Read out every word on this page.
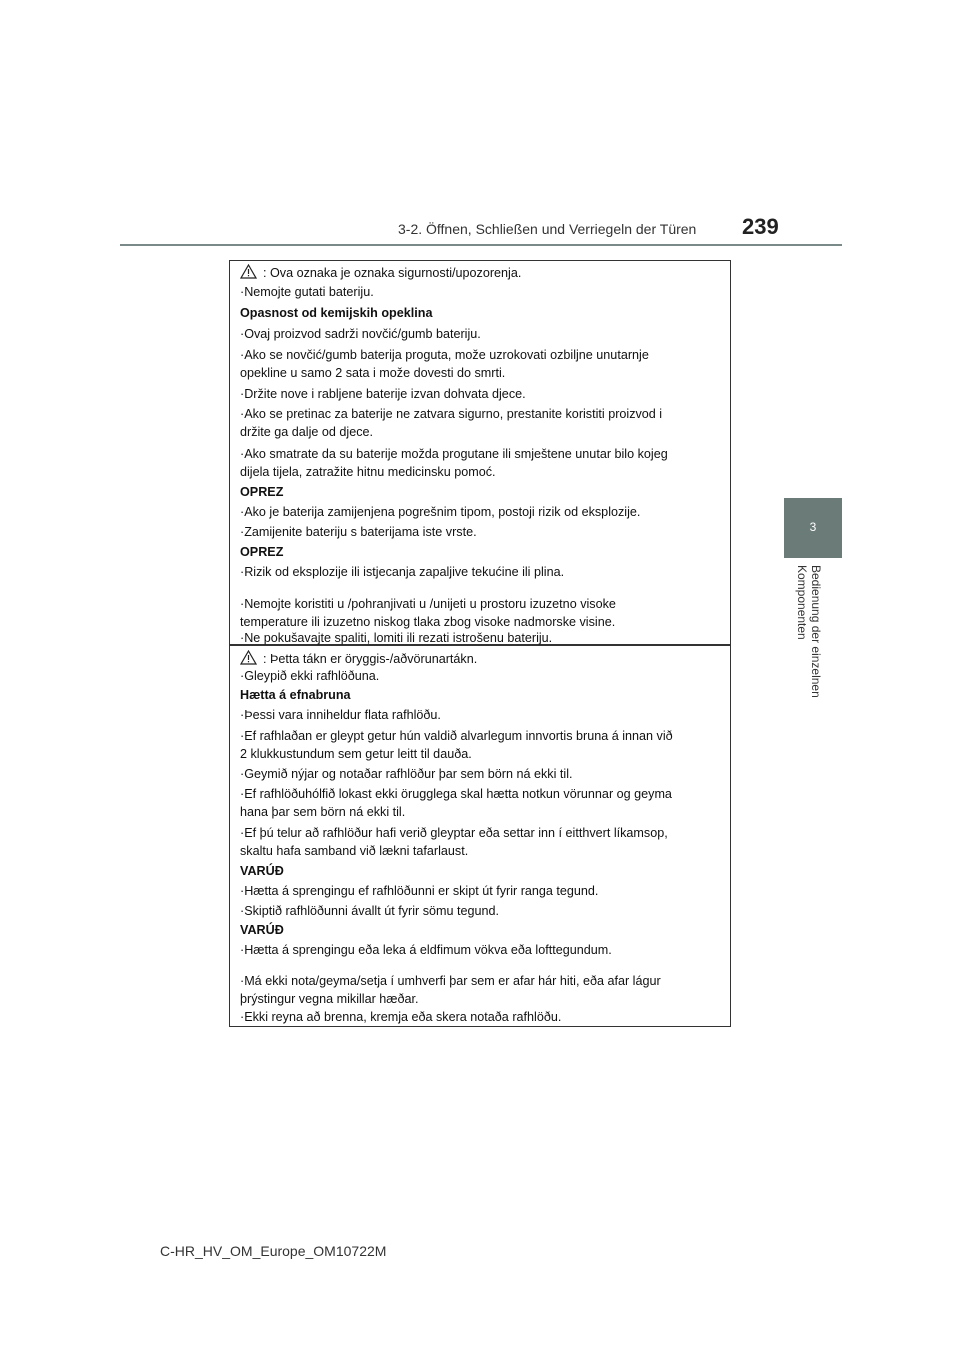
3-2. Öffnen, Schließen und Verriegeln der Türen 239
3
Bedienung der einzelnen Komponenten
: Ova oznaka je oznaka sigurnosti/upozorenja.
·Nemojte gutati bateriju.
Opasnost od kemijskih opeklina
·Ovaj proizvod sadrži novčić/gumb bateriju.
·Ako se novčić/gumb baterija proguta, može uzrokovati ozbiljne unutarnje
opekline u samo 2 sata i može dovesti do smrti.
·Držite nove i rabljene baterije izvan dohvata djece.
·Ako se pretinac za baterije ne zatvara sigurno, prestanite koristiti proizvod i
držite ga dalje od djece.
·Ako smatrate da su baterije možda progutane ili smještene unutar bilo kojeg
dijela tijela, zatražite hitnu medicinsku pomoć.
OPREZ
·Ako je baterija zamijenjena pogrešnim tipom, postoji rizik od eksplozije.
·Zamijenite bateriju s baterijama iste vrste.
OPREZ
·Rizik od eksplozije ili istjecanja zapaljive tekućine ili plina.
·Nemojte koristiti u /pohranjivati u /unijeti u prostoru izuzetno visoke
temperature ili izuzetno niskog tlaka zbog visoke nadmorske visine.
·Ne pokušavajte spaliti, lomiti ili rezati istrošenu bateriju.
: Þetta tákn er öryggis-/aðvörunartákn.
·Gleypið ekki rafhlöðuna.
Hætta á efnabruna
·Þessi vara inniheldur flata rafhlöðu.
·Ef rafhlaðan er gleypt getur hún valdið alvarlegum innvortis bruna á innan við
2 klukkustundum sem getur leitt til dauða.
·Geymið nýjar og notaðar rafhlöður þar sem börn ná ekki til.
·Ef rafhlöðuhólfið lokast ekki örugglega skal hætta notkun vörunnar og geyma
hana þar sem börn ná ekki til.
·Ef þú telur að rafhlöður hafi verið gleyptar eða settar inn í eitthvert líkamsop,
skaltu hafa samband við lækni tafarlaust.
VARÚÐ
·Hætta á sprengingu ef rafhlöðunni er skipt út fyrir ranga tegund.
·Skiptið rafhlöðunni ávallt út fyrir sömu tegund.
VARÚÐ
·Hætta á sprengingu eða leka á eldfimum vökva eða lofttegundum.
·Má ekki nota/geyma/setja í umhverfi þar sem er afar hár hiti, eða afar lágur
þrýstingur vegna mikillar hæðar.
·Ekki reyna að brenna, kremja eða skera notaða rafhlöðu.
C-HR_HV_OM_Europe_OM10722M
